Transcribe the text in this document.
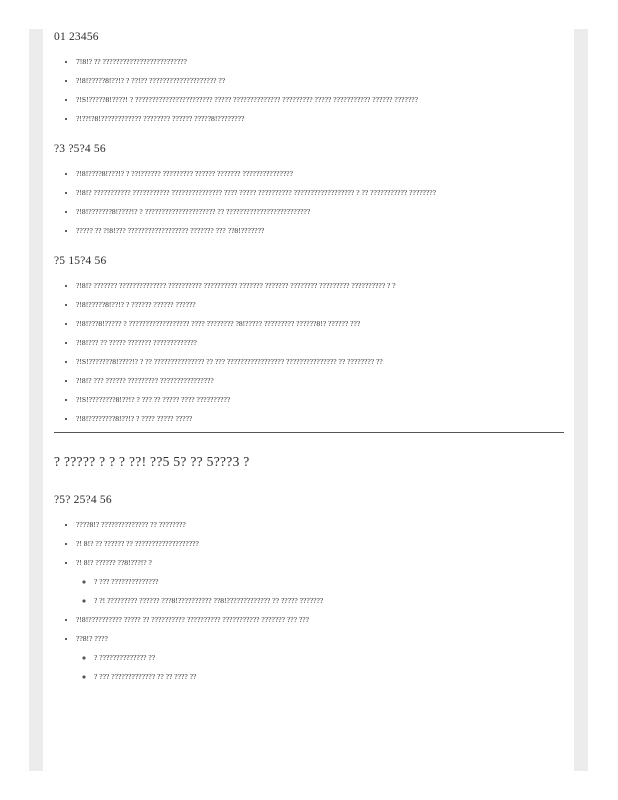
01 23456
• 7!8!? ?? ?????????????????????????
• ?!8!?????8!??!? ? ??!?? ???????????????????? ??
• ?!S!?????8!????! ? ??????????????????????? ????? ?????????????? ????????? ????? ??????????? ?????? ???????
• ?!??!?8!???????????? ???????? ?????? ?????8!????????
?3 ?5?4 56
• ?!8!????8!???!? ? ??!?????? ????????? ?????? ??????? ???????????????
• ?!8!? ??????????? ??????????? ??????????????? ???? ????? ?????????? ?????????????????? ? ?? ??????????? ????????
• ?!8!???????8!????!? ? ????????????????????? ?? ?????????????????????????
• ????? ?? ?!8!??? ?????????????????? ??????? ??? ??8!???????
?5 15?4 56
• ?!8!? ??????? ?????????????? ?????????? ?????????? ??????? ??????? ???????? ????????? ?????????? ? ?
• ?!8!?????8!??!? ? ?????? ?????? ??????
• ?!8!???8!????? ? ?????????????????? ???? ???????? ?8!????? ????????? ??????8!? ?????? ???
• ?!8!??? ?? ????? ??????? ?????????????
• ?!S!???????8!????!? ? ?? ??????????????? ?? ??? ????????????????? ??????????????? ?? ???????? ??
• ?!8!? ??? ?????? ????????? ????????????????
• ?!S!????????8!??!? ? ??? ?? ????? ???? ??????????
• ?!8!????????8!??!? ? ???? ????? ?????
? ????? ? ? ? ??! ??5 5? ?? 5???3 ?
?5? 25?4 56
• ????8!? ?????????????? ?? ????????
• ?! 8!? ?? ?????? ?? ???????????????????
• ?! 8!? ?????? ??8!???!? ?
◦ ? ??? ??????????????
◦ ? ?! ????????? ?????? ???8!?????????? ??8!????????????? ?? ????? ???????
• ?!8!?????????? ????? ?? ?????????? ?????????? ??????????? ??????? ??? ???
• ??8!? ????
◦ ? ?????????????? ??
◦ ? ??? ????????????? ?? ?? ???? ??
